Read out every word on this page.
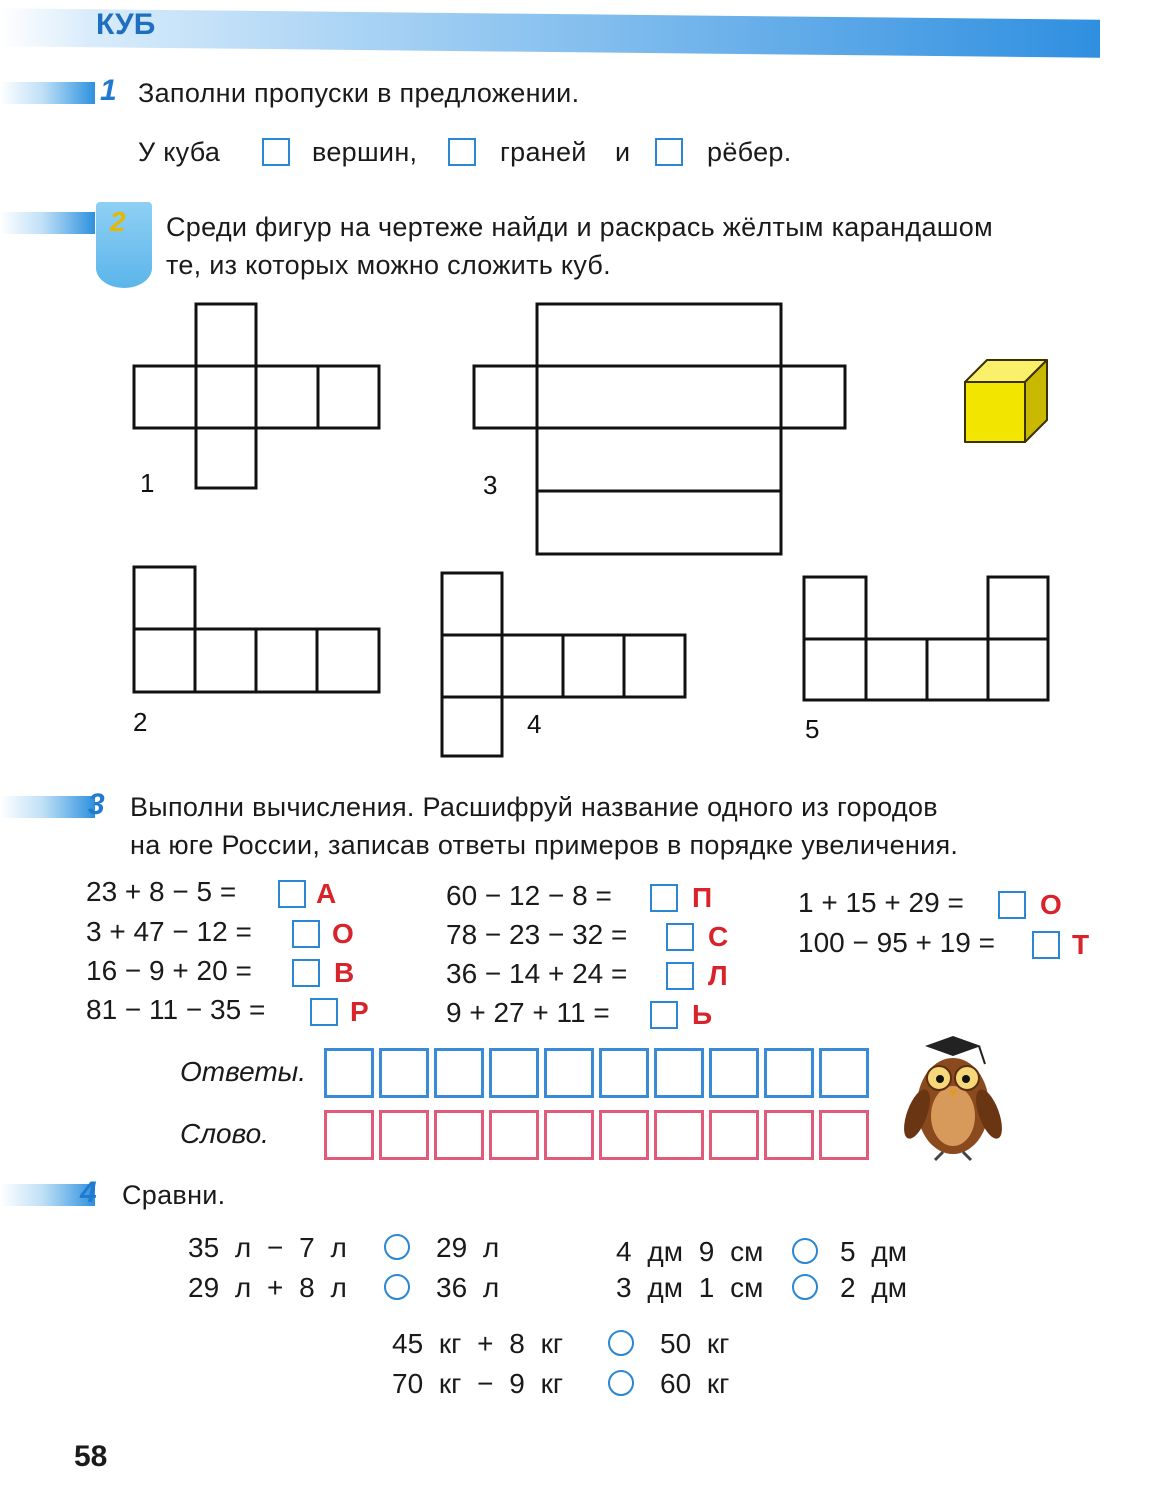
КУБ
1 Заполни пропуски в предложении.
У куба	вершин,	граней и	рёбер.
2 Среди фигур на чертеже найди и раскрась жёлтым карандашом
те, из которых можно сложить куб.
1	3
2	4	5
3 Выполни вычисления. Расшифруй название одного из городов
на юге России, записав ответы примеров в порядке увеличения.
23 + 8 − 5 =	А
3 + 47 − 12 =	О
16 − 9 + 20 =	В
81 − 11 − 35 =	Р
60 − 12 − 8 =	П
78 − 23 − 32 =	С
36 − 14 + 24 =	Л
9 + 27 + 11 =	Ь
1 + 15 + 29 =	О
100 − 95 + 19 =	Т
Ответы.
Слово.
4 Сравни.
35 л − 7 л	29 л
29 л + 8 л	36 л
4 дм 9 см	5 дм
3 дм 1 см	2 дм
45 кг + 8 кг	50 кг
70 кг − 9 кг	60 кг
58
